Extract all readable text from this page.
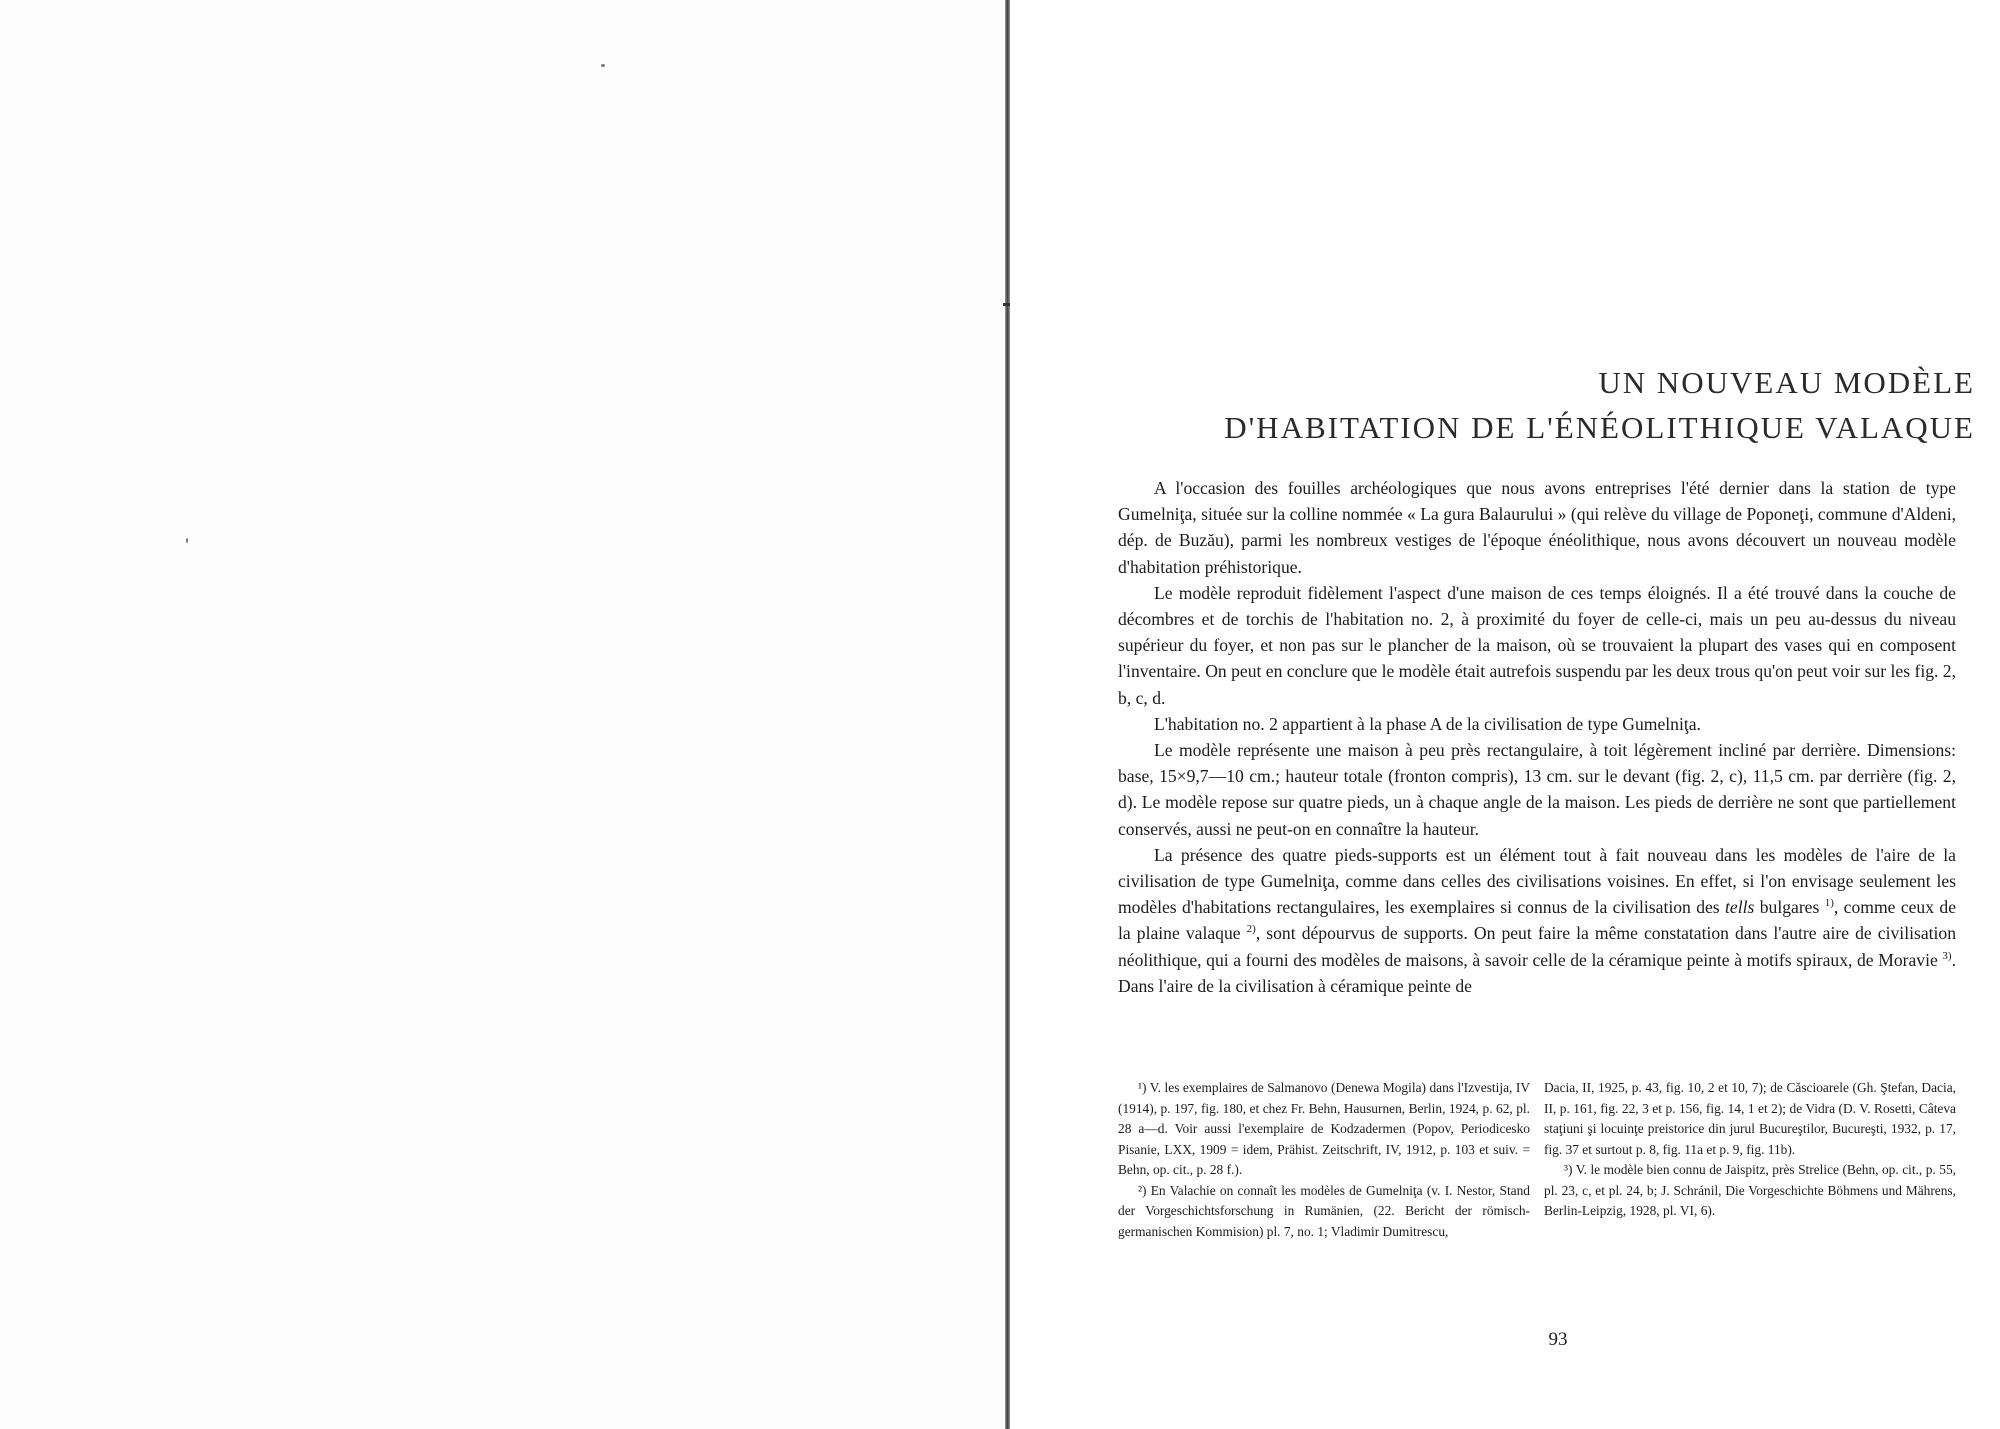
UN NOUVEAU MODÈLE
D'HABITATION DE L'ÉNÉOLITHIQUE VALAQUE

A l'occasion des fouilles archéologiques que nous avons entreprises l'été dernier dans la station de type Gumelniţa, située sur la colline nommée « La gura Balaurului » (qui relève du village de Poponeţi, commune d'Aldeni, dép. de Buzău), parmi les nombreux vestiges de l'époque énéolithique, nous avons découvert un nouveau modèle d'habitation préhistorique.

Le modèle reproduit fidèlement l'aspect d'une maison de ces temps éloignés. Il a été trouvé dans la couche de décombres et de torchis de l'habitation no. 2, à proximité du foyer de celle-ci, mais un peu au-dessus du niveau supérieur du foyer, et non pas sur le plancher de la maison, où se trouvaient la plupart des vases qui en composent l'inventaire. On peut en conclure que le modèle était autrefois suspendu par les deux trous qu'on peut voir sur les fig. 2, b, c, d.

L'habitation no. 2 appartient à la phase A de la civilisation de type Gumelniţa.

Le modèle représente une maison à peu près rectangulaire, à toit légèrement incliné par derrière. Dimensions: base, 15×9,7—10 cm.; hauteur totale (fronton compris), 13 cm. sur le devant (fig. 2, c), 11,5 cm. par derrière (fig. 2, d). Le modèle repose sur quatre pieds, un à chaque angle de la maison. Les pieds de derrière ne sont que partiellement conservés, aussi ne peut-on en connaître la hauteur.

La présence des quatre pieds-supports est un élément tout à fait nouveau dans les modèles de l'aire de la civilisation de type Gumelniţa, comme dans celles des civilisations voisines. En effet, si l'on envisage seulement les modèles d'habitations rectangulaires, les exemplaires si connus de la civilisation des tells bulgares $^{1)}$, comme ceux de la plaine valaque $^{2)}$, sont dépourvus de supports. On peut faire la même constatation dans l'autre aire de civilisation néolithique, qui a fourni des modèles de maisons, à savoir celle de la céramique peinte à motifs spiraux, de Moravie $^{3)}$. Dans l'aire de la civilisation à céramique peinte de

¹) V. les exemplaires de Salmanovo (Denewa Mogila) dans l'Izvestija, IV (1914), p. 197, fig. 180, et chez Fr. Behn, Hausurnen, Berlin, 1924, p. 62, pl. 28 a—d. Voir aussi l'exemplaire de Kodzadermen (Popov, Periodicesko Pisanie, LXX, 1909 = idem, Prähist. Zeitschrift, IV, 1912, p. 103 et suiv. = Behn, op. cit., p. 28 f.).

²) En Valachie on connaît les modèles de Gumelniţa (v. I. Nestor, Stand der Vorgeschichtsforschung in Rumänien, (22. Bericht der römisch-germanischen Kommision) pl. 7, no. 1; Vladimir Dumitrescu,

Dacia, II, 1925, p. 43, fig. 10, 2 et 10, 7); de Căscioarele (Gh. Ştefan, Dacia, II, p. 161, fig. 22, 3 et p. 156, fig. 14, 1 et 2); de Vidra (D. V. Rosetti, Câteva staţiuni şi locuinţe preistorice din jurul Bucureştilor, Bucureşti, 1932, p. 17, fig. 37 et surtout p. 8, fig. 11a et p. 9, fig. 11b).

³) V. le modèle bien connu de Jaispitz, près Strelice (Behn, op. cit., p. 55, pl. 23, c, et pl. 24, b; J. Schránil, Die Vorgeschichte Böhmens und Mährens, Berlin-Leipzig, 1928, pl. VI, 6).

93
